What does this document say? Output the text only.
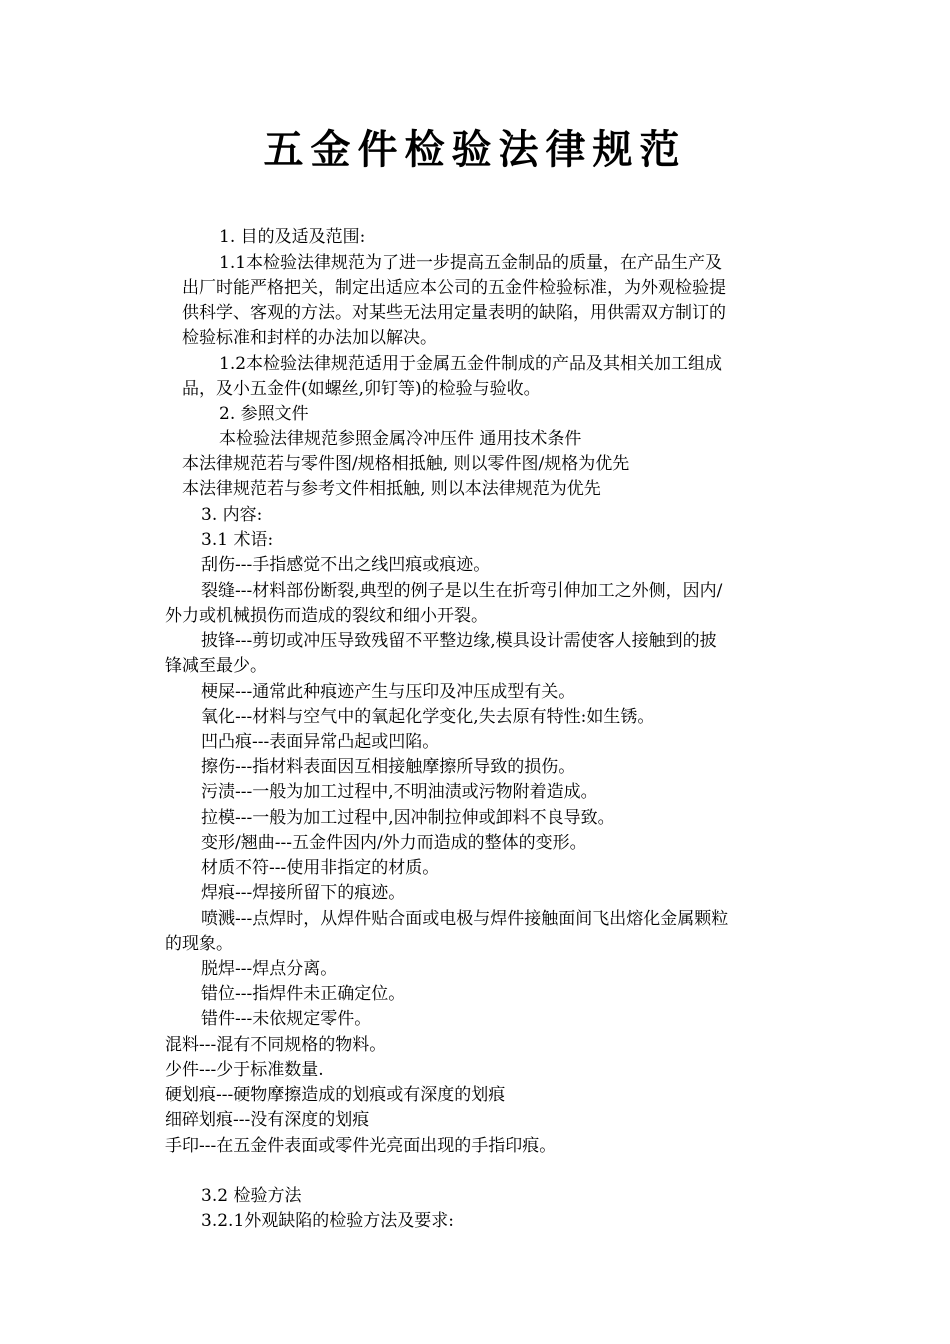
五金件检验法律规范
1. 目的及适及范围:
1.1本检验法律规范为了进一步提高五金制品的质量，在产品生产及
出厂时能严格把关，制定出适应本公司的五金件检验标准，为外观检验提
供科学、客观的方法。对某些无法用定量表明的缺陷，用供需双方制订的
检验标准和封样的办法加以解决。
1.2本检验法律规范适用于金属五金件制成的产品及其相关加工组成
品，及小五金件(如螺丝,卯钉等)的检验与验收。
2. 参照文件
本检验法律规范参照金属冷冲压件 通用技术条件
本法律规范若与零件图/规格相抵触, 则以零件图/规格为优先
本法律规范若与参考文件相抵触, 则以本法律规范为优先
3. 内容:
3.1 术语:
刮伤---手指感觉不出之线凹痕或痕迹。
裂缝---材料部份断裂,典型的例子是以生在折弯引伸加工之外侧，因内/
外力或机械损伤而造成的裂纹和细小开裂。
披锋---剪切或冲压导致残留不平整边缘,模具设计需使客人接触到的披
锋减至最少。
梗屎---通常此种痕迹产生与压印及冲压成型有关。
氧化---材料与空气中的氧起化学变化,失去原有特性:如生锈。
凹凸痕---表面异常凸起或凹陷。
擦伤---指材料表面因互相接触摩擦所导致的损伤。
污渍---一般为加工过程中,不明油渍或污物附着造成。
拉模---一般为加工过程中,因冲制拉伸或卸料不良导致。
变形/翘曲---五金件因内/外力而造成的整体的变形。
材质不符---使用非指定的材质。
焊痕---焊接所留下的痕迹。
喷溅---点焊时，从焊件贴合面或电极与焊件接触面间飞出熔化金属颗粒
的现象。
脱焊---焊点分离。
错位---指焊件未正确定位。
错件---未依规定零件。
混料---混有不同规格的物料。
少件---少于标准数量.
硬划痕---硬物摩擦造成的划痕或有深度的划痕
细碎划痕---没有深度的划痕
手印---在五金件表面或零件光亮面出现的手指印痕。
3.2 检验方法
3.2.1外观缺陷的检验方法及要求:
